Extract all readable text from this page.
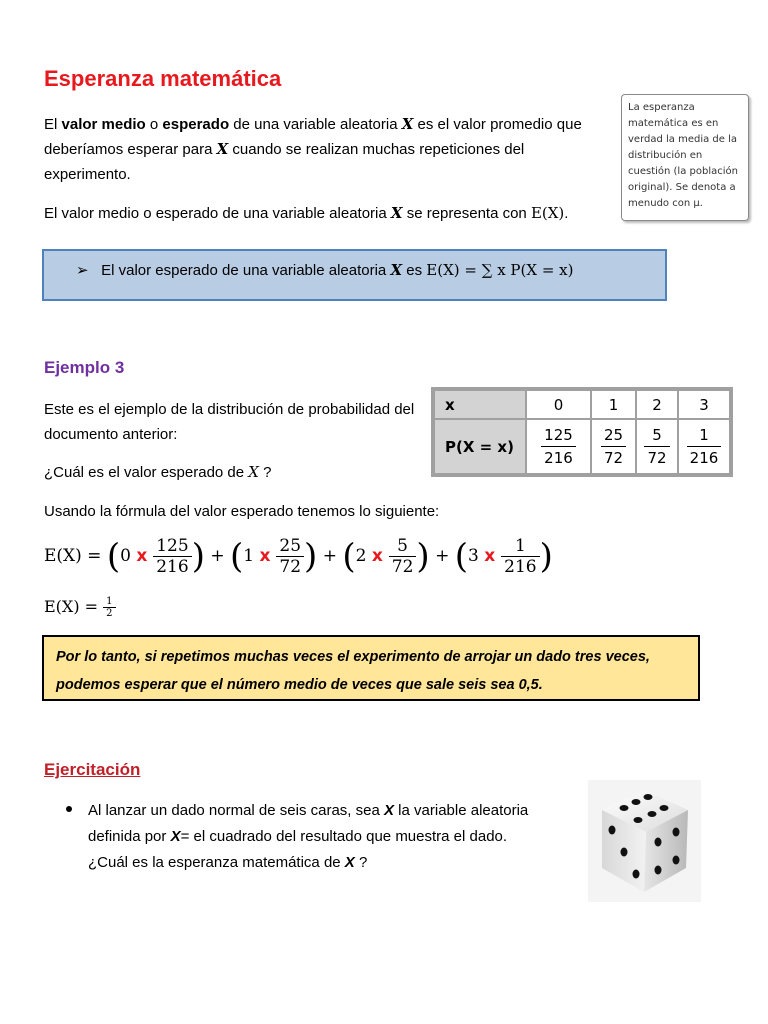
Esperanza matemática
El valor medio o esperado de una variable aleatoria X es el valor promedio que deberíamos esperar para X cuando se realizan muchas repeticiones del experimento.
El valor medio o esperado de una variable aleatoria X se representa con E(X).
La esperanza matemática es en verdad la media de la distribución en cuestión (la población original). Se denota a menudo con μ.
➢ El valor esperado de una variable aleatoria X es E(X) = ∑ x P(X = x)
Ejemplo 3
Este es el ejemplo de la distribución de probabilidad del documento anterior:
¿Cuál es el valor esperado de X ?
Usando la fórmula del valor esperado tenemos lo siguiente:
x	0	1	2	3
P(X = x)	$\frac{125}{216}$	$\frac{25}{72}$	$\frac{5}{72}$	$\frac{1}{216}$
E(X) = (0 x $\frac{125}{216}$ ) + (1 x $\frac{25}{72}$ ) + (2 x $\frac{5}{72}$ ) + (3 x $\frac{1}{216}$ )
$E(X) = \frac{1}{2}$
Por lo tanto, si repetimos muchas veces el experimento de arrojar un dado tres veces,
podemos esperar que el número medio de veces que sale seis sea 0,5.
Ejercitación
Al lanzar un dado normal de seis caras, sea X la variable aleatoria definida por X= el cuadrado del resultado que muestra el dado.
¿Cuál es la esperanza matemática de X ?
